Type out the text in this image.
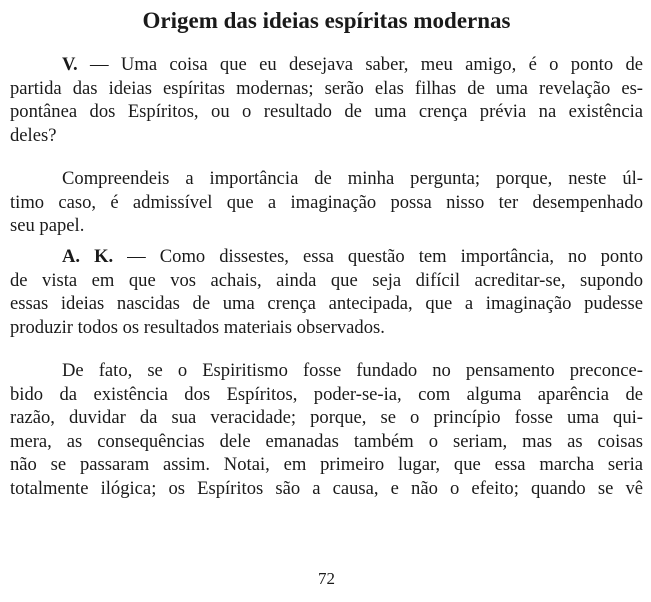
Origem das ideias espíritas modernas
V. — Uma coisa que eu desejava saber, meu amigo, é o ponto de
partida das ideias espíritas modernas; serão elas filhas de uma revelação es-
pontânea dos Espíritos, ou o resultado de uma crença prévia na existência
deles?
Compreendeis a importância de minha pergunta; porque, neste úl-
timo caso, é admissível que a imaginação possa nisso ter desempenhado
seu papel.
A. K. — Como dissestes, essa questão tem importância, no ponto
de vista em que vos achais, ainda que seja difícil acreditar-se, supondo
essas ideias nascidas de uma crença antecipada, que a imaginação pudesse
produzir todos os resultados materiais observados.
De fato, se o Espiritismo fosse fundado no pensamento preconce-
bido da existência dos Espíritos, poder-se-ia, com alguma aparência de
razão, duvidar da sua veracidade; porque, se o princípio fosse uma qui-
mera, as consequências dele emanadas também o seriam, mas as coisas
não se passaram assim. Notai, em primeiro lugar, que essa marcha seria
totalmente ilógica; os Espíritos são a causa, e não o efeito; quando se vê
72
